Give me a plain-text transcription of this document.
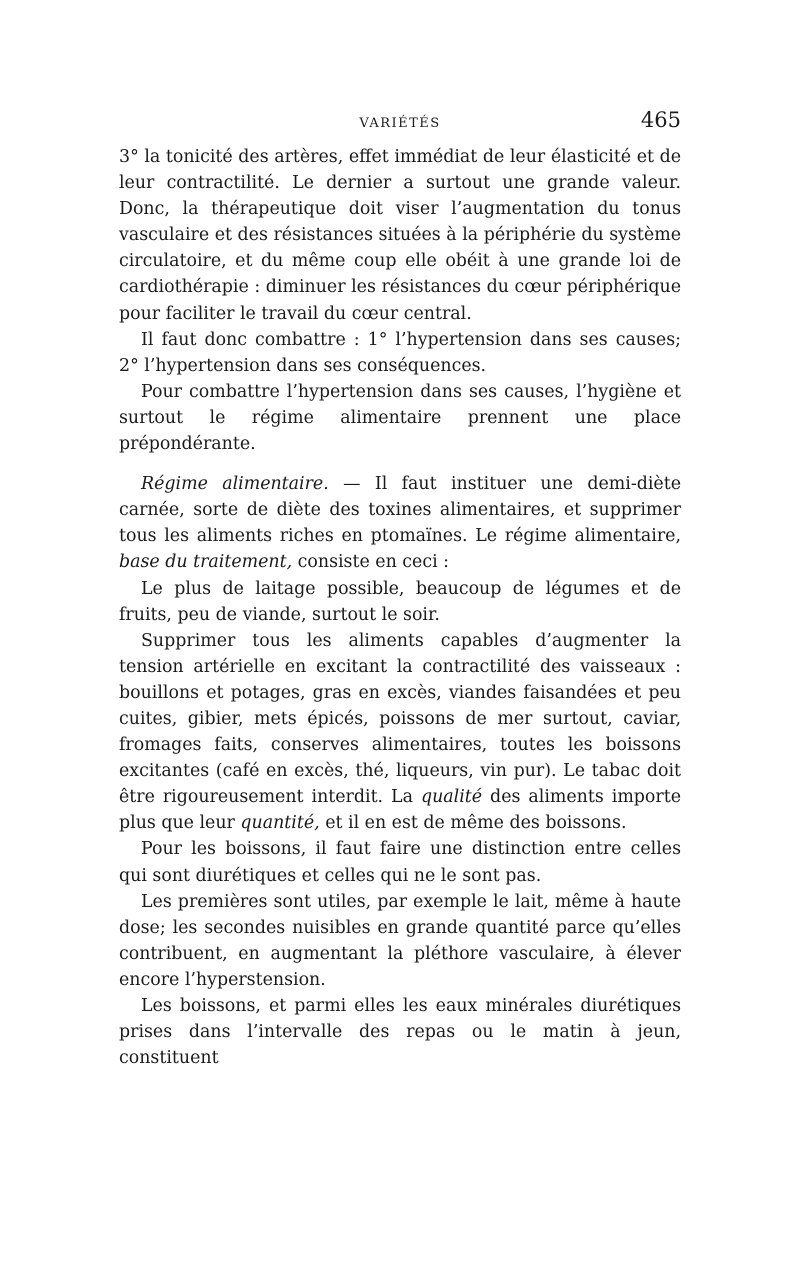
VARIÉTÉS	465

3° la tonicité des artères, effet immédiat de leur élasticité et de leur contractilité. Le dernier a surtout une grande valeur. Donc, la thérapeutique doit viser l’augmentation du tonus vasculaire et des résistances situées à la périphérie du système circulatoire, et du même coup elle obéit à une grande loi de cardiothérapie : diminuer les résistances du cœur périphérique pour faciliter le travail du cœur central.

Il faut donc combattre : 1° l’hypertension dans ses causes; 2° l’hypertension dans ses conséquences.

Pour combattre l’hypertension dans ses causes, l’hygiène et surtout le régime alimentaire prennent une place prépondérante.

Régime alimentaire. — Il faut instituer une demi-diète carnée, sorte de diète des toxines alimentaires, et supprimer tous les aliments riches en ptomaïnes. Le régime alimentaire, base du traitement, consiste en ceci :

Le plus de laitage possible, beaucoup de légumes et de fruits, peu de viande, surtout le soir.

Supprimer tous les aliments capables d’augmenter la tension artérielle en excitant la contractilité des vaisseaux : bouillons et potages, gras en excès, viandes faisandées et peu cuites, gibier, mets épicés, poissons de mer surtout, caviar, fromages faits, conserves alimentaires, toutes les boissons excitantes (café en excès, thé, liqueurs, vin pur). Le tabac doit être rigoureusement interdit. La qualité des aliments importe plus que leur quantité, et il en est de même des boissons.

Pour les boissons, il faut faire une distinction entre celles qui sont diurétiques et celles qui ne le sont pas.

Les premières sont utiles, par exemple le lait, même à haute dose; les secondes nuisibles en grande quantité parce qu’elles contribuent, en augmentant la pléthore vasculaire, à élever encore l’hyperstension.

Les boissons, et parmi elles les eaux minérales diurétiques prises dans l’intervalle des repas ou le matin à jeun, constituent
